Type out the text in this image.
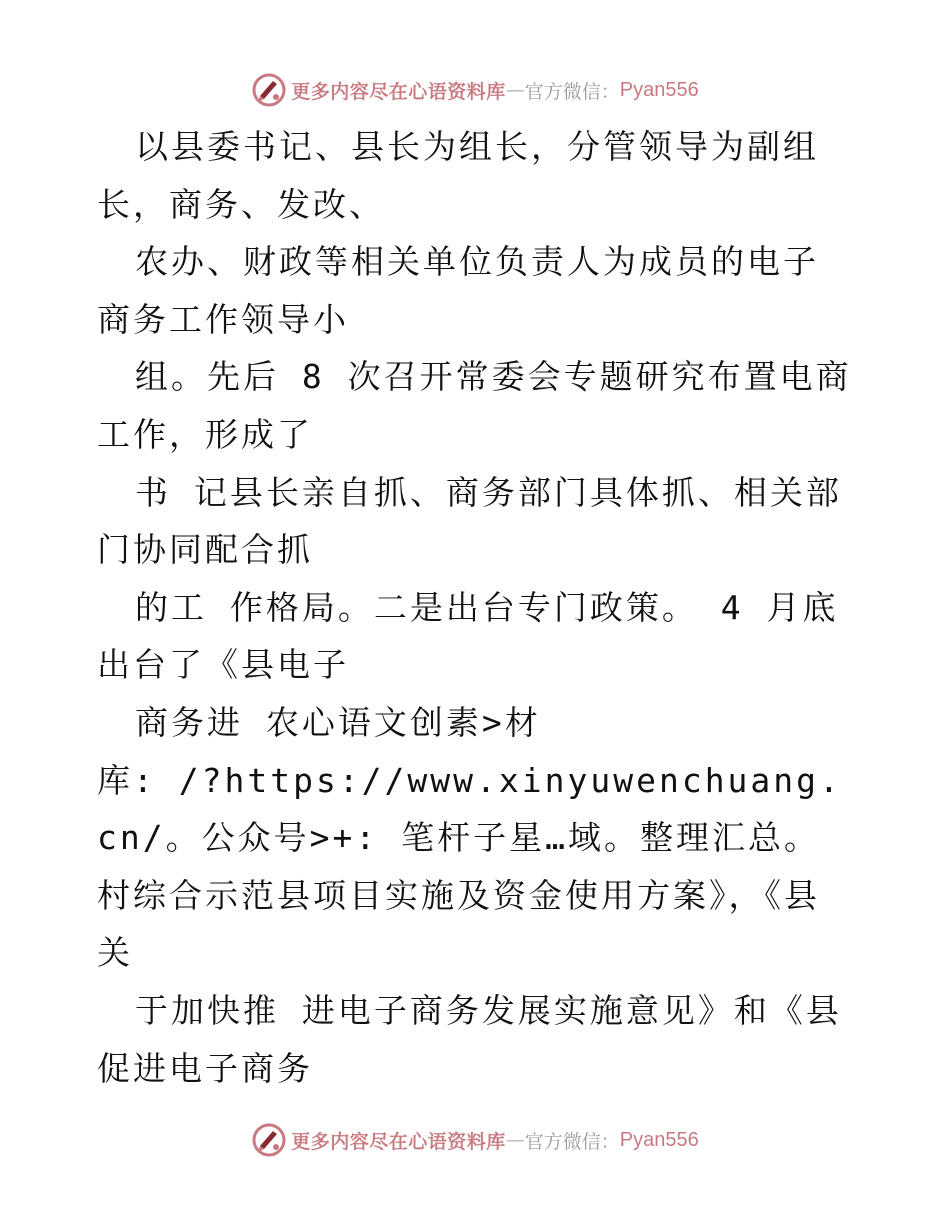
更多内容尽在心语资料库 — 官方微信： Pyan556

以县委书记、县长为组长，分管领导为副组长，商务、发改、

农办、财政等相关单位负责人为成员的电子商务工作领导小

组。先后 8 次召开常委会专题研究布置电商工作，形成了

书 记县长亲自抓、商务部门具体抓、相关部门协同配合抓

的工 作格局。二是出台专门政策。 4 月底出台了《县电子

商务进 农心语文创素>材

库: /?https://www.xinyuwenchuang.cn/。公众号>+: 笔杆子星…域。整理汇总。村综合示范县项目实施及资金使用方案》，《县关

于加快推 进电子商务发展实施意见》和《县促进电子商务

更多内容尽在心语资料库 — 官方微信： Pyan556
